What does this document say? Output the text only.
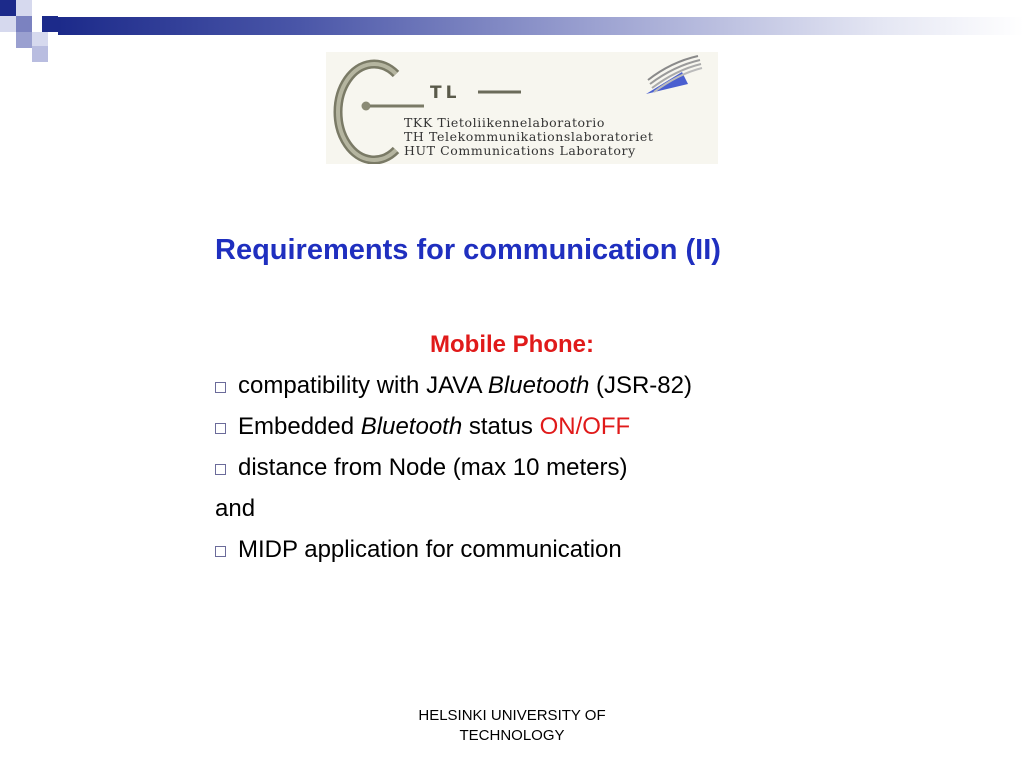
TL
TKK Tietoliikennelaboratorio
TH Telekommunikationslaboratoriet
HUT Communications Laboratory
Requirements for communication (II)
Mobile Phone:
compatibility with JAVA Bluetooth (JSR-82)
Embedded Bluetooth status ON/OFF
distance from Node (max 10 meters)
and
MIDP application for communication
HELSINKI UNIVERSITY OF
TECHNOLOGY
